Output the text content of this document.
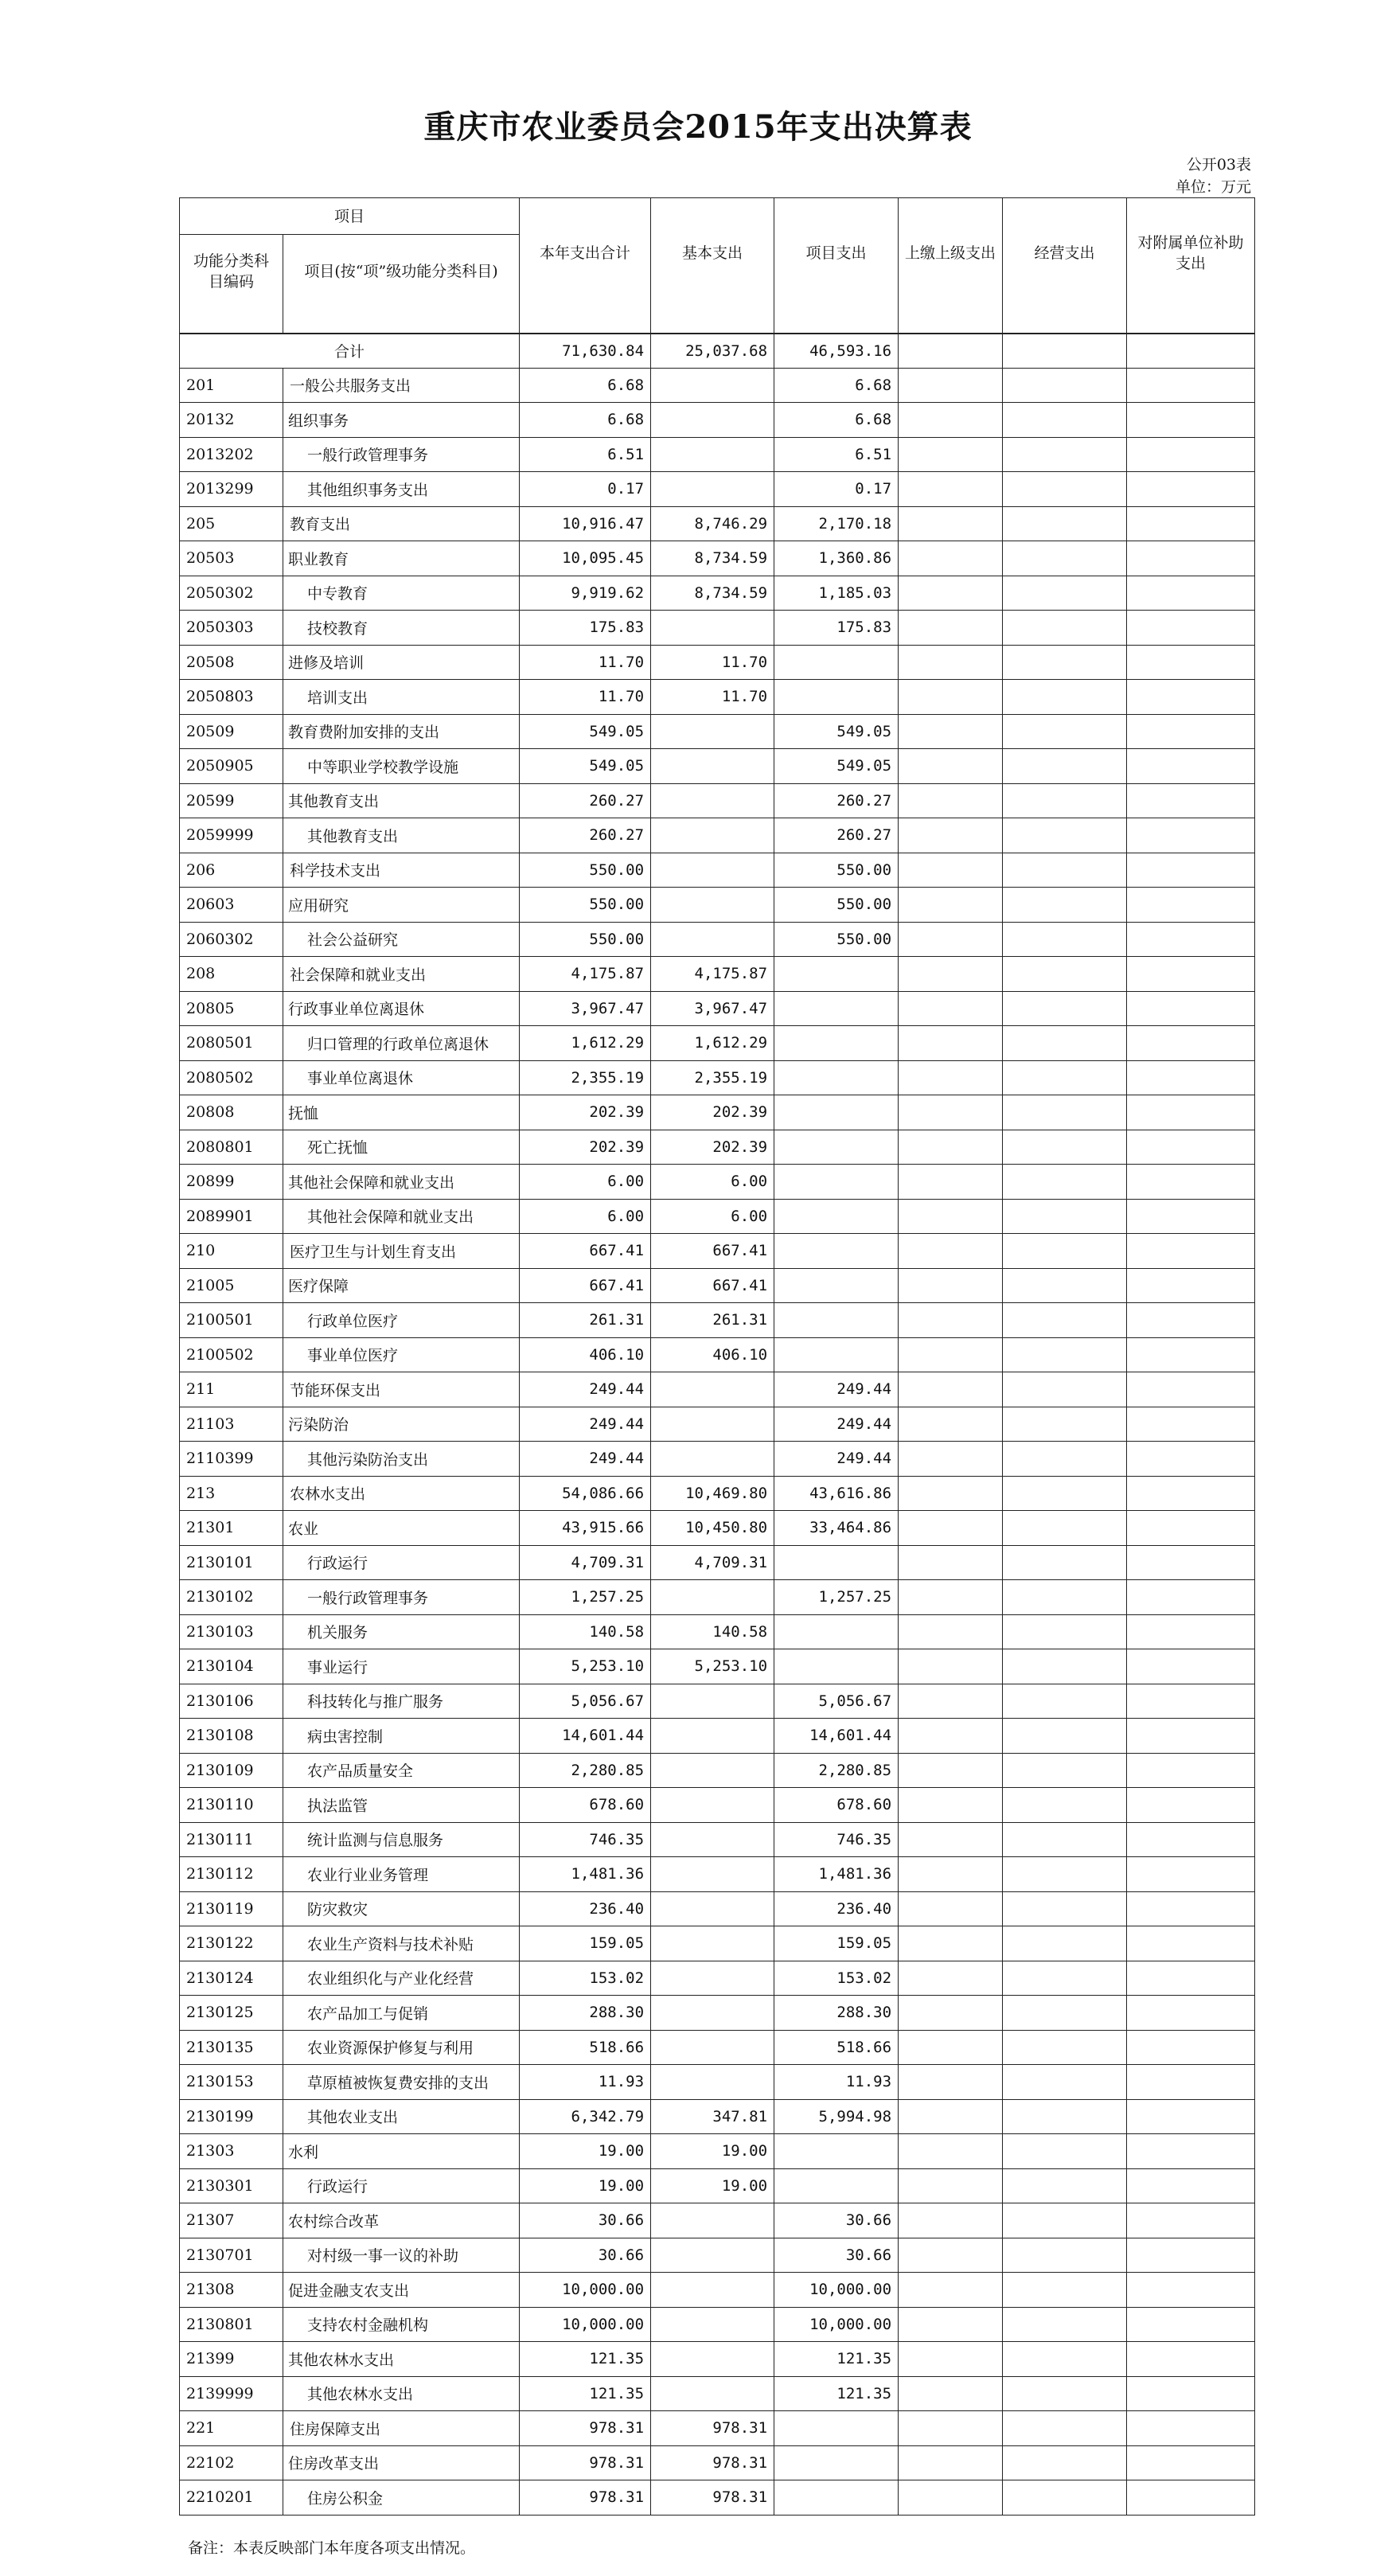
重庆市农业委员会2015年支出决算表
公开03表
单位：万元
项目		本年支出合计	基本支出	项目支出	上缴上级支出	经营支出	对附属单位补助支出
功能分类科目编码	项目(按“项”级功能分类科目)						
合计		71,630.84	25,037.68	46,593.16			
201	一般公共服务支出	6.68		6.68			
20132	组织事务	6.68		6.68			
2013202	一般行政管理事务	6.51		6.51			
2013299	其他组织事务支出	0.17		0.17			
205	教育支出	10,916.47	8,746.29	2,170.18			
20503	职业教育	10,095.45	8,734.59	1,360.86			
2050302	中专教育	9,919.62	8,734.59	1,185.03			
2050303	技校教育	175.83		175.83			
20508	进修及培训	11.70	11.70				
2050803	培训支出	11.70	11.70				
20509	教育费附加安排的支出	549.05		549.05			
2050905	中等职业学校教学设施	549.05		549.05			
20599	其他教育支出	260.27		260.27			
2059999	其他教育支出	260.27		260.27			
206	科学技术支出	550.00		550.00			
20603	应用研究	550.00		550.00			
2060302	社会公益研究	550.00		550.00			
208	社会保障和就业支出	4,175.87	4,175.87				
20805	行政事业单位离退休	3,967.47	3,967.47				
2080501	归口管理的行政单位离退休	1,612.29	1,612.29				
2080502	事业单位离退休	2,355.19	2,355.19				
20808	抚恤	202.39	202.39				
2080801	死亡抚恤	202.39	202.39				
20899	其他社会保障和就业支出	6.00	6.00				
2089901	其他社会保障和就业支出	6.00	6.00				
210	医疗卫生与计划生育支出	667.41	667.41				
21005	医疗保障	667.41	667.41				
2100501	行政单位医疗	261.31	261.31				
2100502	事业单位医疗	406.10	406.10				
211	节能环保支出	249.44		249.44			
21103	污染防治	249.44		249.44			
2110399	其他污染防治支出	249.44		249.44			
213	农林水支出	54,086.66	10,469.80	43,616.86			
21301	农业	43,915.66	10,450.80	33,464.86			
2130101	行政运行	4,709.31	4,709.31				
2130102	一般行政管理事务	1,257.25		1,257.25			
2130103	机关服务	140.58	140.58				
2130104	事业运行	5,253.10	5,253.10				
2130106	科技转化与推广服务	5,056.67		5,056.67			
2130108	病虫害控制	14,601.44		14,601.44			
2130109	农产品质量安全	2,280.85		2,280.85			
2130110	执法监管	678.60		678.60			
2130111	统计监测与信息服务	746.35		746.35			
2130112	农业行业业务管理	1,481.36		1,481.36			
2130119	防灾救灾	236.40		236.40			
2130122	农业生产资料与技术补贴	159.05		159.05			
2130124	农业组织化与产业化经营	153.02		153.02			
2130125	农产品加工与促销	288.30		288.30			
2130135	农业资源保护修复与利用	518.66		518.66			
2130153	草原植被恢复费安排的支出	11.93		11.93			
2130199	其他农业支出	6,342.79	347.81	5,994.98			
21303	水利	19.00	19.00				
2130301	行政运行	19.00	19.00				
21307	农村综合改革	30.66		30.66			
2130701	对村级一事一议的补助	30.66		30.66			
21308	促进金融支农支出	10,000.00		10,000.00			
2130801	支持农村金融机构	10,000.00		10,000.00			
21399	其他农林水支出	121.35		121.35			
2139999	其他农林水支出	121.35		121.35			
221	住房保障支出	978.31	978.31				
22102	住房改革支出	978.31	978.31				
2210201	住房公积金	978.31	978.31				
备注：本表反映部门本年度各项支出情况。
